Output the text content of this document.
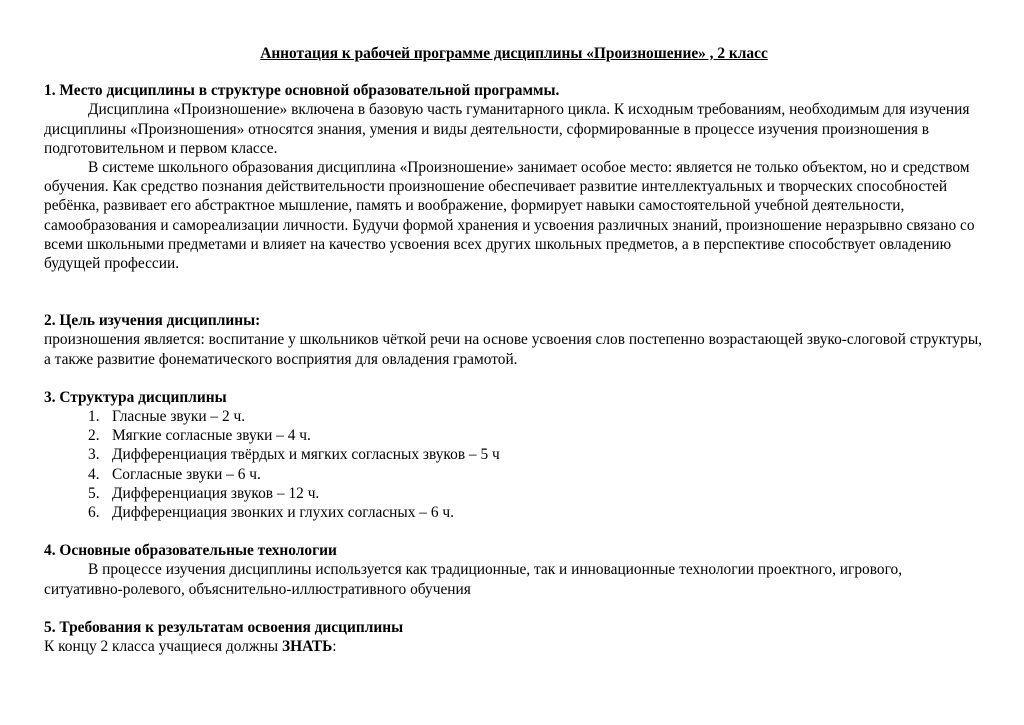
Аннотация к рабочей программе дисциплины «Произношение» , 2 класс

1. Место дисциплины в структуре основной образовательной программы.

Дисциплина «Произношение» включена в базовую часть гуманитарного цикла. К исходным требованиям, необходимым для изучения дисциплины «Произношения» относятся знания, умения и виды деятельности, сформированные в процессе изучения произношения в подготовительном и первом классе.

В системе школьного образования дисциплина «Произношение» занимает особое место: является не только объектом, но и средством обучения. Как средство познания действительности произношение обеспечивает развитие интеллектуальных и творческих способностей ребёнка, развивает его абстрактное мышление, память и воображение, формирует навыки самостоятельной учебной деятельности, самообразования и самореализации личности. Будучи формой хранения и усвоения различных знаний, произношение неразрывно связано со всеми школьными предметами и влияет на качество усвоения всех других школьных предметов, а в перспективе способствует овладению будущей профессии.

2. Цель изучения дисциплины:

произношения является: воспитание у школьников чёткой речи на основе усвоения слов постепенно возрастающей звуко-слоговой структуры, а также развитие фонематического восприятия для овладения грамотой.

3. Структура дисциплины

1. Гласные звуки – 2 ч.
2. Мягкие согласные звуки – 4 ч.
3. Дифференциация твёрдых и мягких согласных звуков – 5 ч
4. Согласные звуки – 6 ч.
5. Дифференциация звуков – 12 ч.
6. Дифференциация звонких и глухих согласных – 6 ч.

4. Основные образовательные технологии

В процессе изучения дисциплины используется как традиционные, так и инновационные технологии проектного, игрового, ситуативно-ролевого, объяснительно-иллюстративного обучения

5. Требования к результатам освоения дисциплины

К концу 2 класса учащиеся должны ЗНАТЬ:
